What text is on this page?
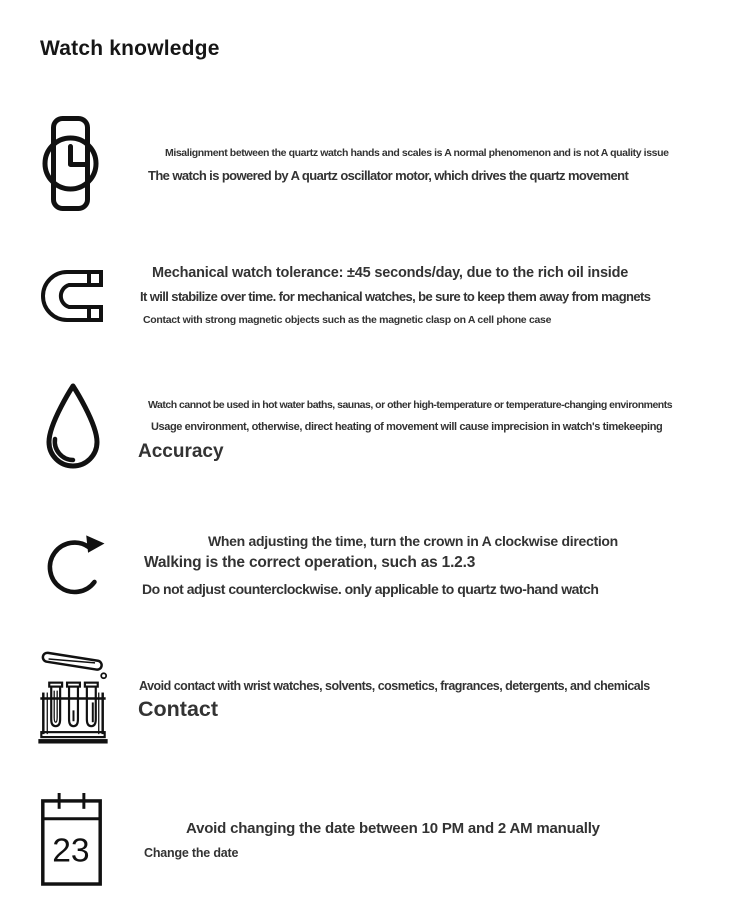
Watch knowledge
Misalignment between the quartz watch hands and scales is A normal phenomenon and is not A quality issue
The watch is powered by A quartz oscillator motor, which drives the quartz movement
Mechanical watch tolerance: ±45 seconds/day, due to the rich oil inside
It will stabilize over time. for mechanical watches, be sure to keep them away from magnets
Contact with strong magnetic objects such as the magnetic clasp on A cell phone case
Watch cannot be used in hot water baths, saunas, or other high-temperature or temperature-changing environments
Usage environment, otherwise, direct heating of movement will cause imprecision in watch's timekeeping
Accuracy
When adjusting the time, turn the crown in A clockwise direction
Walking is the correct operation, such as 1.2.3
Do not adjust counterclockwise. only applicable to quartz two-hand watch
Avoid contact with wrist watches, solvents, cosmetics, fragrances, detergents, and chemicals
Contact
23
Avoid changing the date between 10 PM and 2 AM manually
Change the date
